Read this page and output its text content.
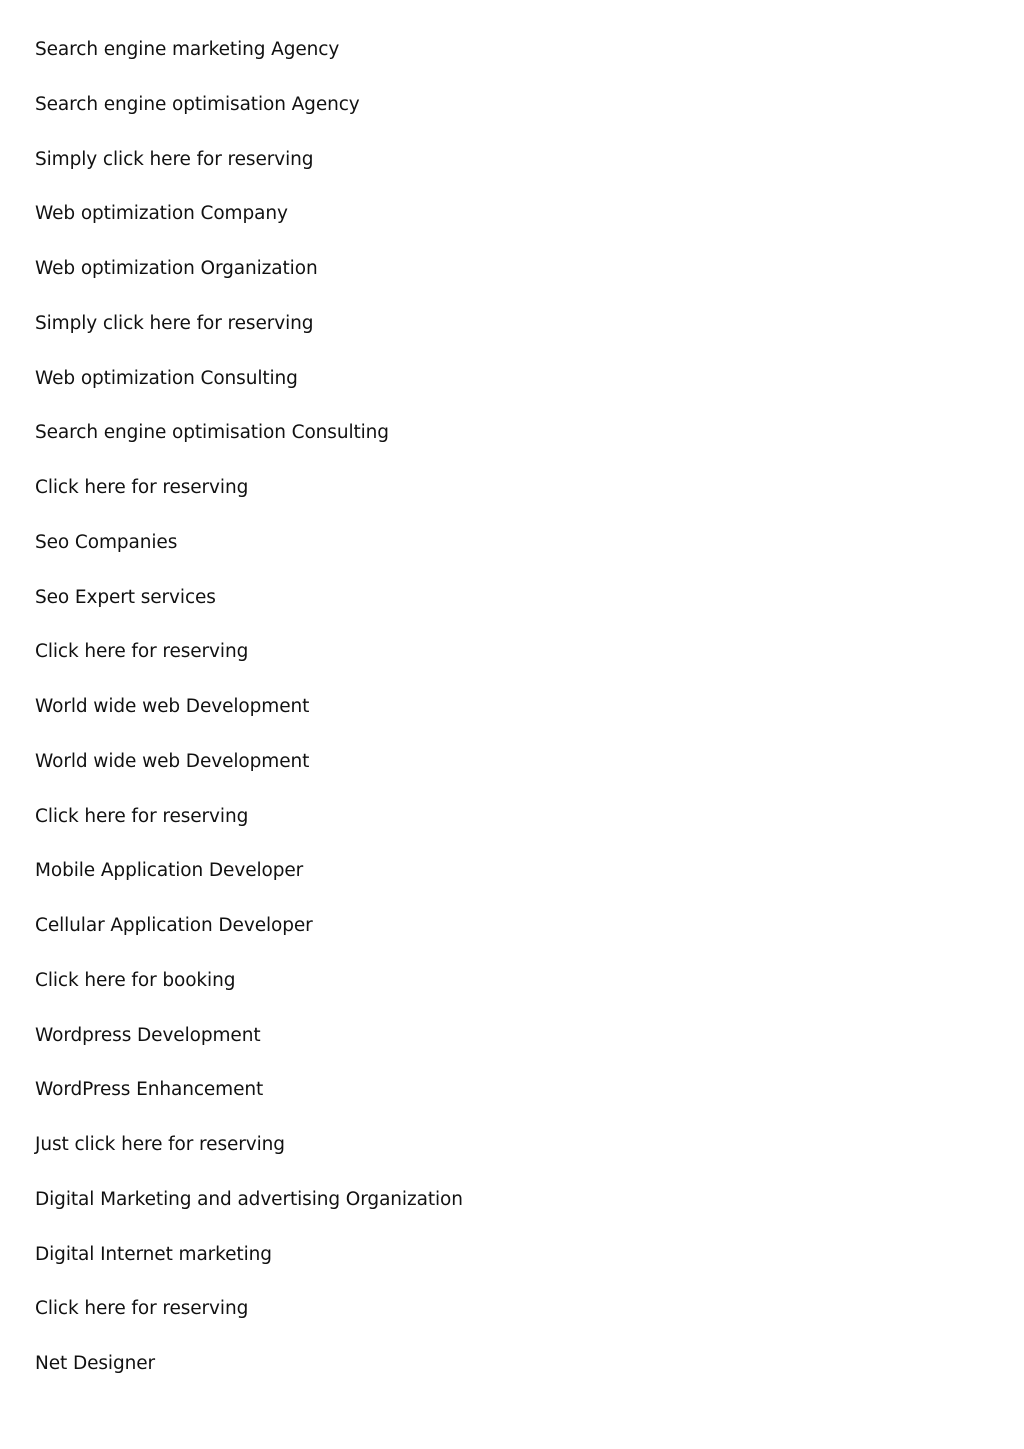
Search engine marketing Agency
Search engine optimisation Agency
Simply click here for reserving
Web optimization Company
Web optimization Organization
Simply click here for reserving
Web optimization Consulting
Search engine optimisation Consulting
Click here for reserving
Seo Companies
Seo Expert services
Click here for reserving
World wide web Development
World wide web Development
Click here for reserving
Mobile Application Developer
Cellular Application Developer
Click here for booking
Wordpress Development
WordPress Enhancement
Just click here for reserving
Digital Marketing and advertising Organization
Digital Internet marketing
Click here for reserving
Net Designer
